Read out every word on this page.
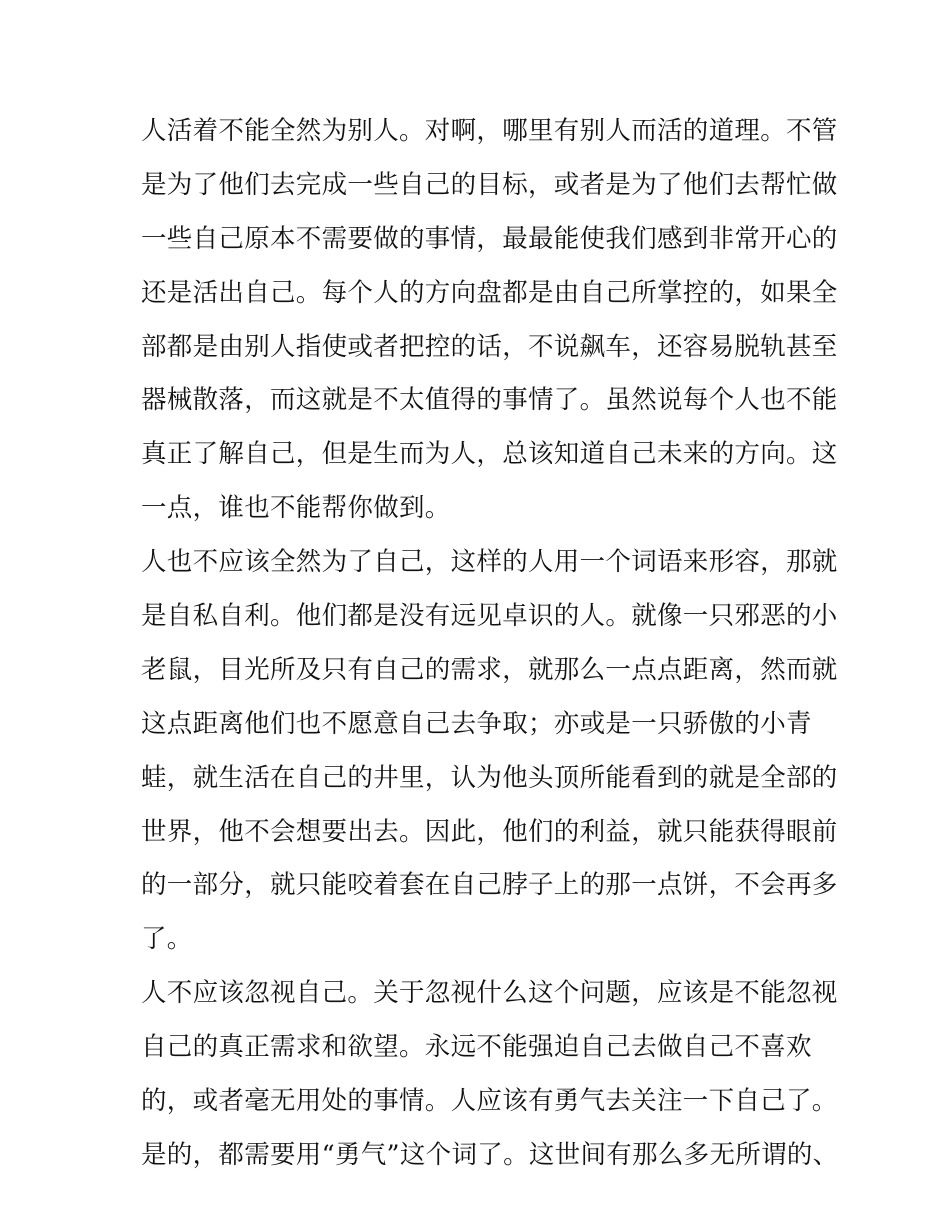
人活着不能全然为别人。对啊，哪里有别人而活的道理。不管
是为了他们去完成一些自己的目标，或者是为了他们去帮忙做
一些自己原本不需要做的事情，最最能使我们感到非常开心的
还是活出自己。每个人的方向盘都是由自己所掌控的，如果全
部都是由别人指使或者把控的话，不说飙车，还容易脱轨甚至
器械散落，而这就是不太值得的事情了。虽然说每个人也不能
真正了解自己，但是生而为人，总该知道自己未来的方向。这
一点，谁也不能帮你做到。
人也不应该全然为了自己，这样的人用一个词语来形容，那就
是自私自利。他们都是没有远见卓识的人。就像一只邪恶的小
老鼠，目光所及只有自己的需求，就那么一点点距离，然而就
这点距离他们也不愿意自己去争取；亦或是一只骄傲的小青
蛙，就生活在自己的井里，认为他头顶所能看到的就是全部的
世界，他不会想要出去。因此，他们的利益，就只能获得眼前
的一部分，就只能咬着套在自己脖子上的那一点饼，不会再多
了。
人不应该忽视自己。关于忽视什么这个问题，应该是不能忽视
自己的真正需求和欲望。永远不能强迫自己去做自己不喜欢
的，或者毫无用处的事情。人应该有勇气去关注一下自己了。
是的，都需要用“勇气”这个词了。这世间有那么多无所谓的、
